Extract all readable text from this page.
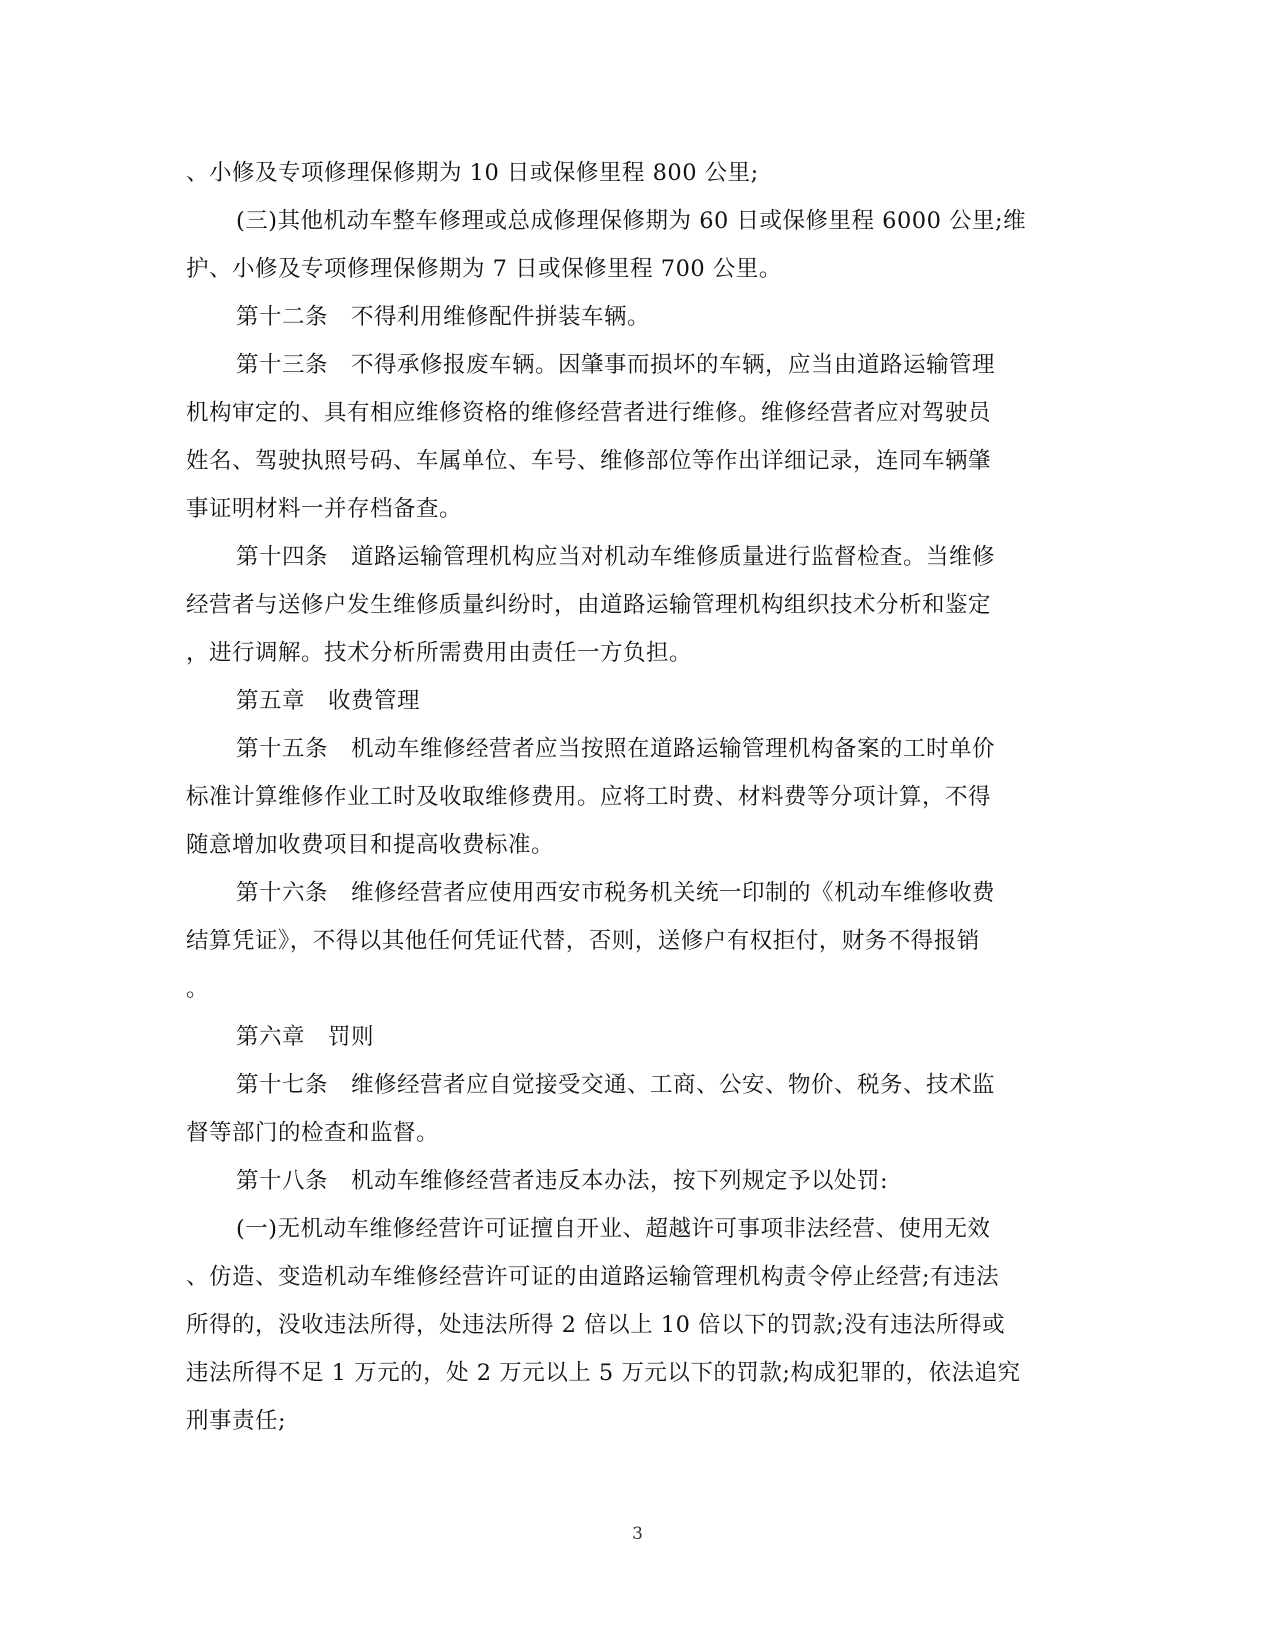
、小修及专项修理保修期为 10 日或保修里程 800 公里;
(三)其他机动车整车修理或总成修理保修期为 60 日或保修里程 6000 公里;维
护、小修及专项修理保修期为 7 日或保修里程 700 公里。
第十二条　不得利用维修配件拼装车辆。
第十三条　不得承修报废车辆。因肇事而损坏的车辆，应当由道路运输管理
机构审定的、具有相应维修资格的维修经营者进行维修。维修经营者应对驾驶员
姓名、驾驶执照号码、车属单位、车号、维修部位等作出详细记录，连同车辆肇
事证明材料一并存档备查。
第十四条　道路运输管理机构应当对机动车维修质量进行监督检查。当维修
经营者与送修户发生维修质量纠纷时，由道路运输管理机构组织技术分析和鉴定
，进行调解。技术分析所需费用由责任一方负担。
第五章　收费管理
第十五条　机动车维修经营者应当按照在道路运输管理机构备案的工时单价
标准计算维修作业工时及收取维修费用。应将工时费、材料费等分项计算，不得
随意增加收费项目和提高收费标准。
第十六条　维修经营者应使用西安市税务机关统一印制的《机动车维修收费
结算凭证》，不得以其他任何凭证代替，否则，送修户有权拒付，财务不得报销
。
第六章　罚则
第十七条　维修经营者应自觉接受交通、工商、公安、物价、税务、技术监
督等部门的检查和监督。
第十八条　机动车维修经营者违反本办法，按下列规定予以处罚:
(一)无机动车维修经营许可证擅自开业、超越许可事项非法经营、使用无效
、仿造、变造机动车维修经营许可证的由道路运输管理机构责令停止经营;有违法
所得的，没收违法所得，处违法所得 2 倍以上 10 倍以下的罚款;没有违法所得或
违法所得不足 1 万元的，处 2 万元以上 5 万元以下的罚款;构成犯罪的，依法追究
刑事责任;
3
